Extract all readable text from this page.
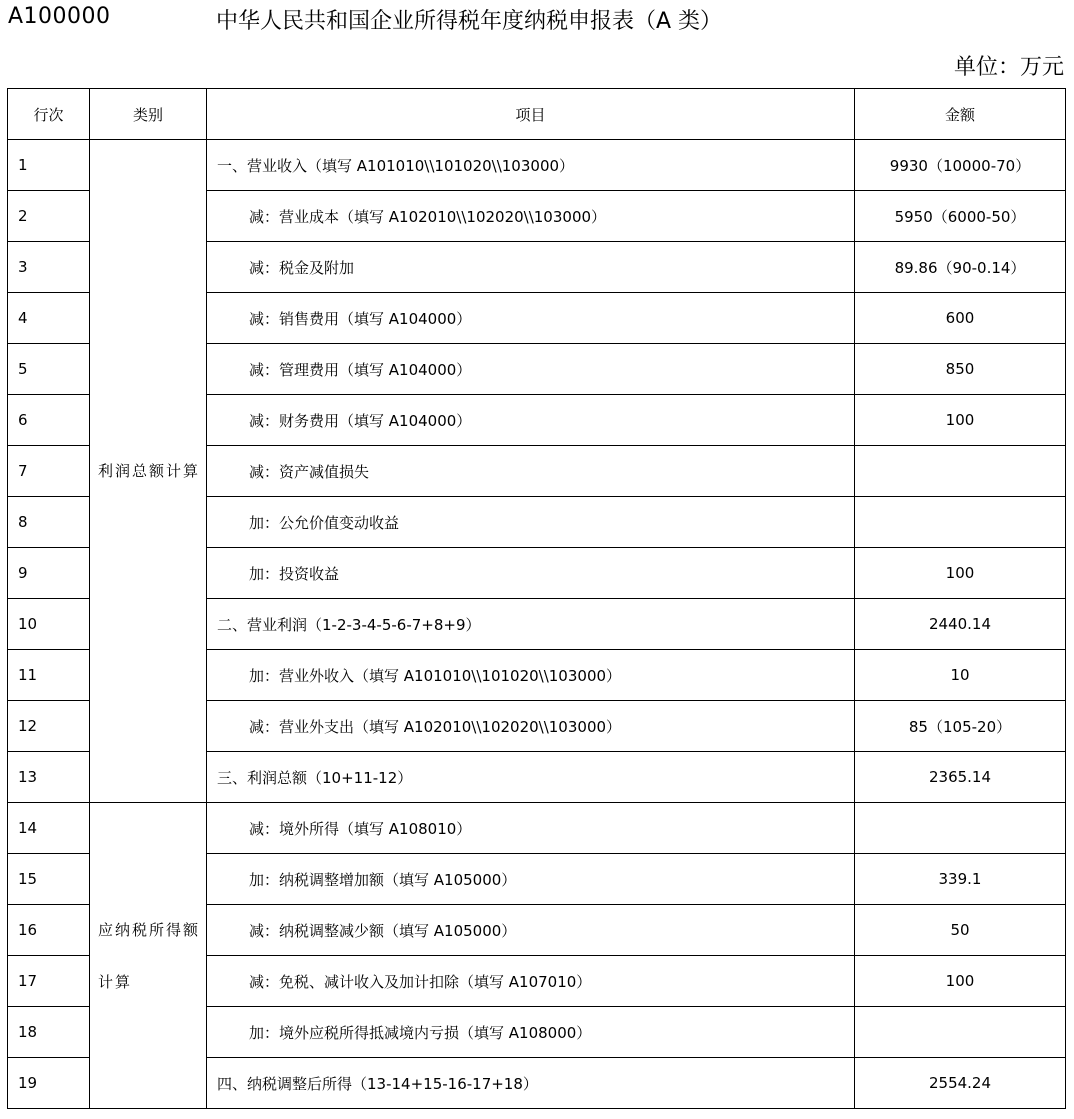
A100000	中华人民共和国企业所得税年度纳税申报表（A 类）
单位：万元
行次	类别	项目	金额
1	利润总额计算	一、营业收入（填写 A101010\\101020\\103000）	9930（10000-70）
2		减：营业成本（填写 A102010\\102020\\103000）	5950（6000-50）
3		减：税金及附加	89.86（90-0.14）
4		减：销售费用（填写 A104000）	600
5		减：管理费用（填写 A104000）	850
6		减：财务费用（填写 A104000）	100
7		减：资产减值损失	
8		加：公允价值变动收益	
9		加：投资收益	100
10		二、营业利润（1-2-3-4-5-6-7+8+9）	2440.14
11		加：营业外收入（填写 A101010\\101020\\103000）	10
12		减：营业外支出（填写 A102010\\102020\\103000）	85（105-20）
13		三、利润总额（10+11-12）	2365.14
14	应纳税所得额计算	减：境外所得（填写 A108010）	
15		加：纳税调整增加额（填写 A105000）	339.1
16		减：纳税调整减少额（填写 A105000）	50
17		减：免税、减计收入及加计扣除（填写 A107010）	100
18		加：境外应税所得抵减境内亏损（填写 A108000）	
19		四、纳税调整后所得（13-14+15-16-17+18）	2554.24
